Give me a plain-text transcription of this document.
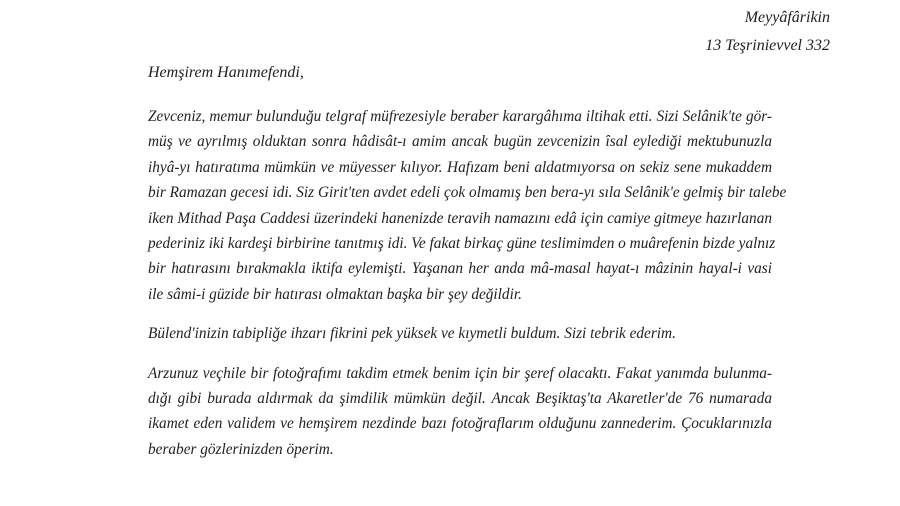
Meyyâfârikin
13 Teşrinievvel 332
Hemşirem Hanımefendi,

Zevceniz, memur bulunduğu telgraf müfrezesiyle beraber karargâhıma iltihak etti. Sizi Selânik'te gör-
müş ve ayrılmış olduktan sonra hâdisât-ı amim ancak bugün zevcenizin îsal eylediği mektubunuzla
ihyâ-yı hatıratıma mümkün ve müyesser kılıyor. Hafızam beni aldatmıyorsa on sekiz sene mukaddem
bir Ramazan gecesi idi. Siz Girit'ten avdet edeli çok olmamış ben bera-yı sıla Selânik'e gelmiş bir talebe
iken Mithad Paşa Caddesi üzerindeki hanenizde teravih namazını edâ için camiye gitmeye hazırlanan
pederiniz iki kardeşi birbirine tanıtmış idi. Ve fakat birkaç güne teslimimden o muârefenin bizde yalnız
bir hatırasını bırakmakla iktifa eylemişti. Yaşanan her anda mâ-masal hayat-ı mâzinin hayal-i vasi
ile sâmi-i güzide bir hatırası olmaktan başka bir şey değildir.

Bülend'inizin tabipliğe ihzarı fikrini pek yüksek ve kıymetli buldum. Sizi tebrik ederim.

Arzunuz veçhile bir fotoğrafımı takdim etmek benim için bir şeref olacaktı. Fakat yanımda bulunma-
dığı gibi burada aldırmak da şimdilik mümkün değil. Ancak Beşiktaş'ta Akaretler'de 76 numarada
ikamet eden validem ve hemşirem nezdinde bazı fotoğraflarım olduğunu zannederim. Çocuklarınızla
beraber gözlerinizden öperim.
